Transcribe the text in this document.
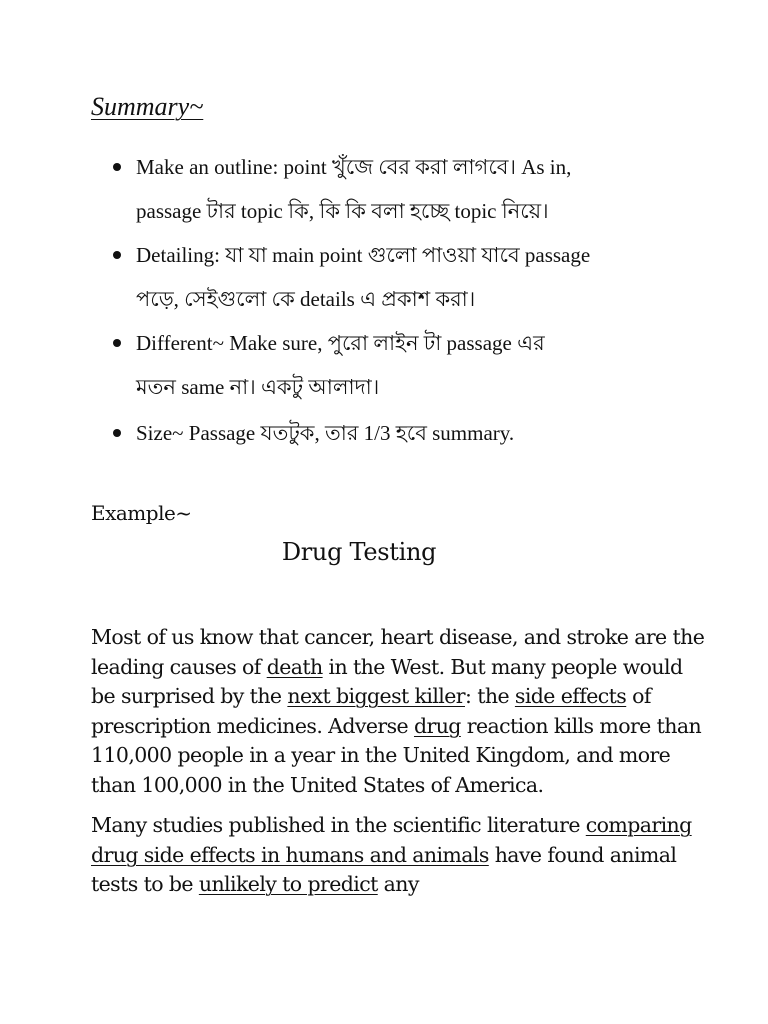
Summary~
Make an outline: point খুঁজে বের করা লাগবে। As in,
passage টার topic কি, কি কি বলা হচ্ছে topic নিয়ে।
Detailing: যা যা main point গুলো পাওয়া যাবে passage
পড়ে, সেইগুলো কে details এ প্রকাশ করা।
Different~ Make sure, পুরো লাইন টা passage এর
মতন same না। একটু আলাদা।
Size~ Passage যতটুক, তার 1/3 হবে summary.
Example~
Drug Testing

Most of us know that cancer, heart disease, and stroke are the leading causes of death in the West. But many people would be surprised by the next biggest killer: the side effects of prescription medicines. Adverse drug reaction kills more than 110,000 people in a year in the United Kingdom, and more than 100,000 in the United States of America.

Many studies published in the scientific literature comparing drug side effects in humans and animals have found animal tests to be unlikely to predict any
